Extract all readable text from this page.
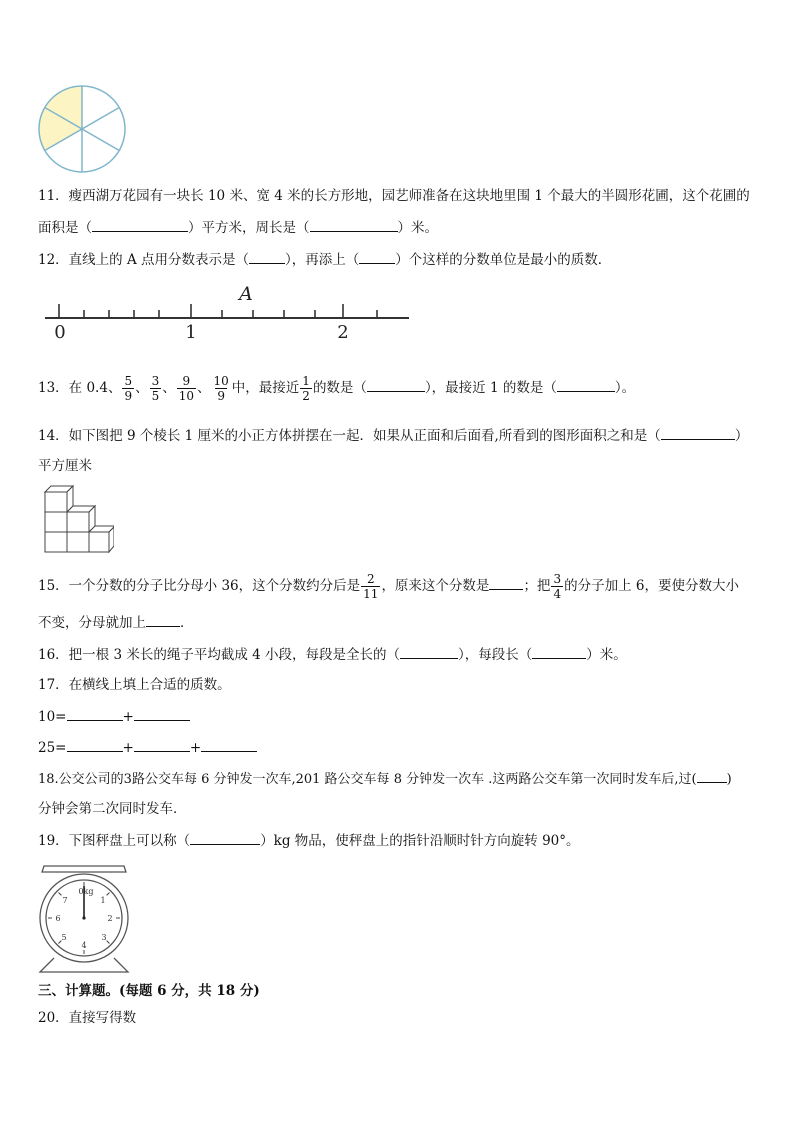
11．瘦西湖万花园有一块长 10 米、宽 4 米的长方形地，园艺师准备在这块地里围 1 个最大的半圆形花圃，这个花圃的
面积是（	）平方米，周长是（	）米。
12．直线上的 A 点用分数表示是（	），再添上（	）个这样的分数单位是最小的质数．
A
0	1	2
13．在 0.4、 $\frac{5}{9}$ 、 $\frac{3}{5}$ 、 $\frac{9}{10}$ 、 $\frac{10}{9}$ 中，最接近 $\frac{1}{2}$ 的数是（	），最接近 1 的数是（	）。
14．如下图把 9 个棱长 1 厘米的小正方体拼摆在一起．如果从正面和后面看,所看到的图形面积之和是（	）
平方厘米
15．一个分数的分子比分母小 36，这个分数约分后是 $\frac{2}{11}$ ，原来这个分数是	；把 $\frac{3}{4}$ 的分子加上 6，要使分数大小
不变，分母就加上	．
16．把一根 3 米长的绳子平均截成 4 小段，每段是全长的（	），每段长（	）米。
17．在横线上填上合适的质数。
10=	+
25=	+	+
18.公交公司的3路公交车每 6 分钟发一次车,201 路公交车每 8 分钟发一次车 .这两路公交车第一次同时发车后,过( )
分钟会第二次同时发车．
19．下图秤盘上可以称（	）kg 物品，使秤盘上的指针沿顺时针方向旋转 90°。
0kg
1
2
3
4
5
6
7
三、计算题。(每题 6 分，共 18 分)
20．直接写得数
